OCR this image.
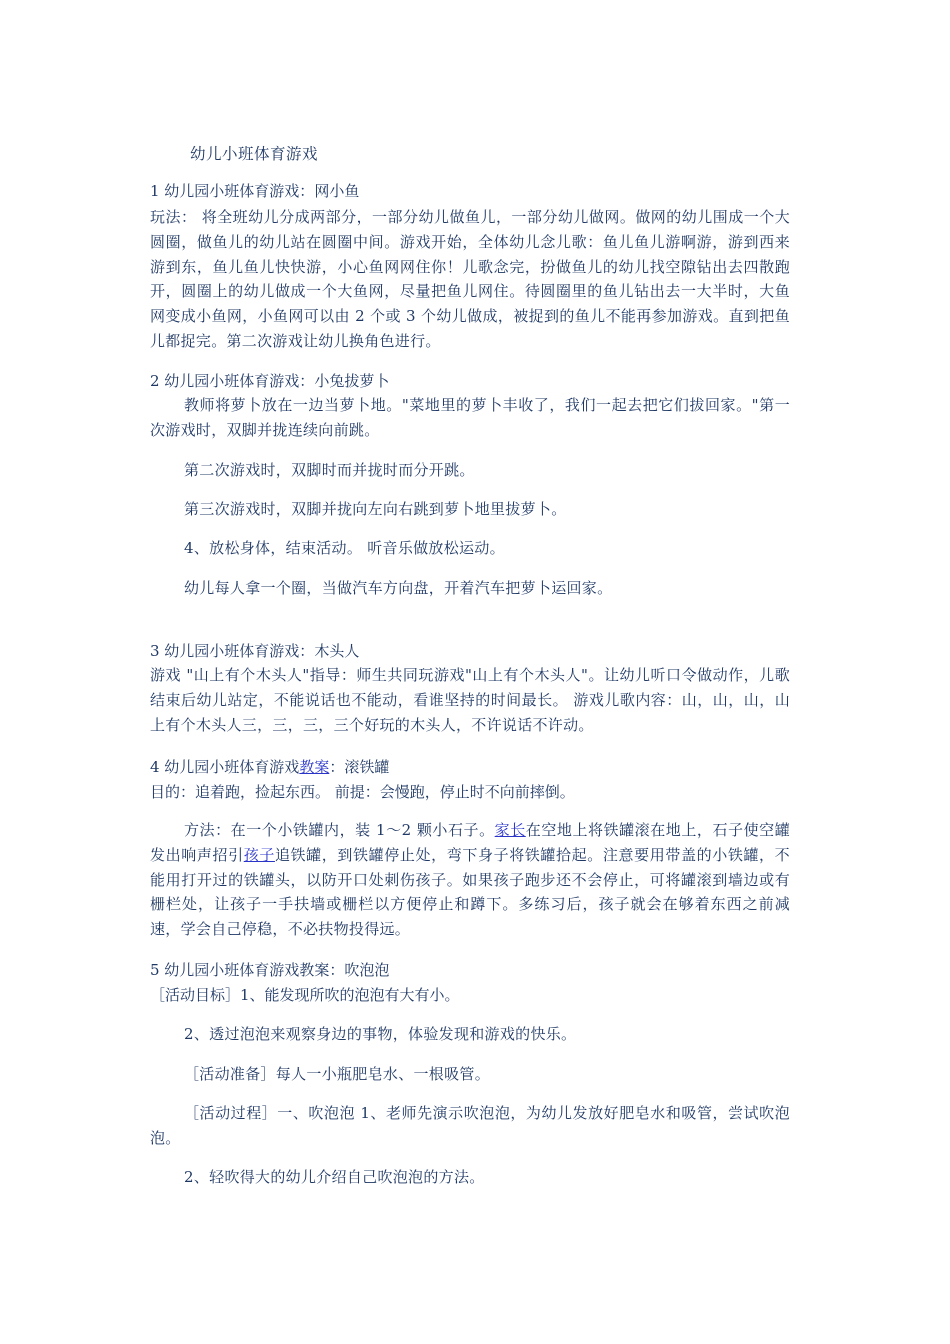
幼儿小班体育游戏
1 幼儿园小班体育游戏：网小鱼
玩法： 将全班幼儿分成两部分，一部分幼儿做鱼儿，一部分幼儿做网。做网的幼儿围成一个大圆圈，做鱼儿的幼儿站在圆圈中间。游戏开始，全体幼儿念儿歌：鱼儿鱼儿游啊游，游到西来游到东，鱼儿鱼儿快快游，小心鱼网网住你！儿歌念完，扮做鱼儿的幼儿找空隙钻出去四散跑开，圆圈上的幼儿做成一个大鱼网，尽量把鱼儿网住。待圆圈里的鱼儿钻出去一大半时，大鱼网变成小鱼网，小鱼网可以由 2 个或 3 个幼儿做成，被捉到的鱼儿不能再参加游戏。直到把鱼儿都捉完。第二次游戏让幼儿换角色进行。
2 幼儿园小班体育游戏：小兔拔萝卜
教师将萝卜放在一边当萝卜地。"菜地里的萝卜丰收了，我们一起去把它们拔回家。"第一次游戏时，双脚并拢连续向前跳。
第二次游戏时，双脚时而并拢时而分开跳。
第三次游戏时，双脚并拢向左向右跳到萝卜地里拔萝卜。
4、放松身体，结束活动。 听音乐做放松运动。
幼儿每人拿一个圈，当做汽车方向盘，开着汽车把萝卜运回家。
3 幼儿园小班体育游戏：木头人
游戏 "山上有个木头人"指导：师生共同玩游戏"山上有个木头人"。让幼儿听口令做动作，儿歌结束后幼儿站定，不能说话也不能动，看谁坚持的时间最长。 游戏儿歌内容：山，山，山，山上有个木头人三，三，三，三个好玩的木头人，不许说话不许动。
4 幼儿园小班体育游戏教案：滚铁罐
目的：追着跑，捡起东西。 前提：会慢跑，停止时不向前摔倒。
方法：在一个小铁罐内，装 1～2 颗小石子。家长在空地上将铁罐滚在地上，石子使空罐发出响声招引孩子追铁罐，到铁罐停止处，弯下身子将铁罐拾起。注意要用带盖的小铁罐，不能用打开过的铁罐头，以防开口处刺伤孩子。如果孩子跑步还不会停止，可将罐滚到墙边或有栅栏处，让孩子一手扶墙或栅栏以方便停止和蹲下。多练习后，孩子就会在够着东西之前减速，学会自己停稳，不必扶物投得远。
5 幼儿园小班体育游戏教案：吹泡泡
［活动目标］1、能发现所吹的泡泡有大有小。
2、透过泡泡来观察身边的事物，体验发现和游戏的快乐。
［活动准备］每人一小瓶肥皂水、一根吸管。
［活动过程］一、吹泡泡 1、老师先演示吹泡泡，为幼儿发放好肥皂水和吸管，尝试吹泡泡。
2、轻吹得大的幼儿介绍自己吹泡泡的方法。
